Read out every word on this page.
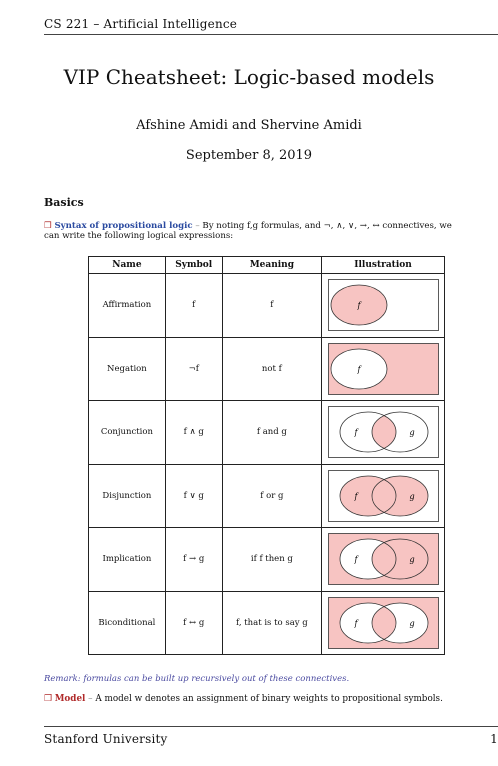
CS 221 – Artificial Intelligence
VIP Cheatsheet: Logic-based models
Afshine Amidi and Shervine Amidi
September 8, 2019
Basics
❒ Syntax of propositional logic – By noting f,g formulas, and ¬, ∧, ∨, →, ↔ connectives, we can write the following logical expressions:
Name	Symbol	Meaning	Illustration
Affirmation	f	f	f

Negation	¬f	not f	f

Conjunction	f ∧ g	f and g	f g

Disjunction	f ∨ g	f or g	f g

Implication	f → g	if f then g	f g

Biconditional	f ↔ g	f, that is to say g	f g
Remark: formulas can be built up recursively out of these connectives.
❒ Model – A model w denotes an assignment of binary weights to propositional symbols.
Stanford University	1
